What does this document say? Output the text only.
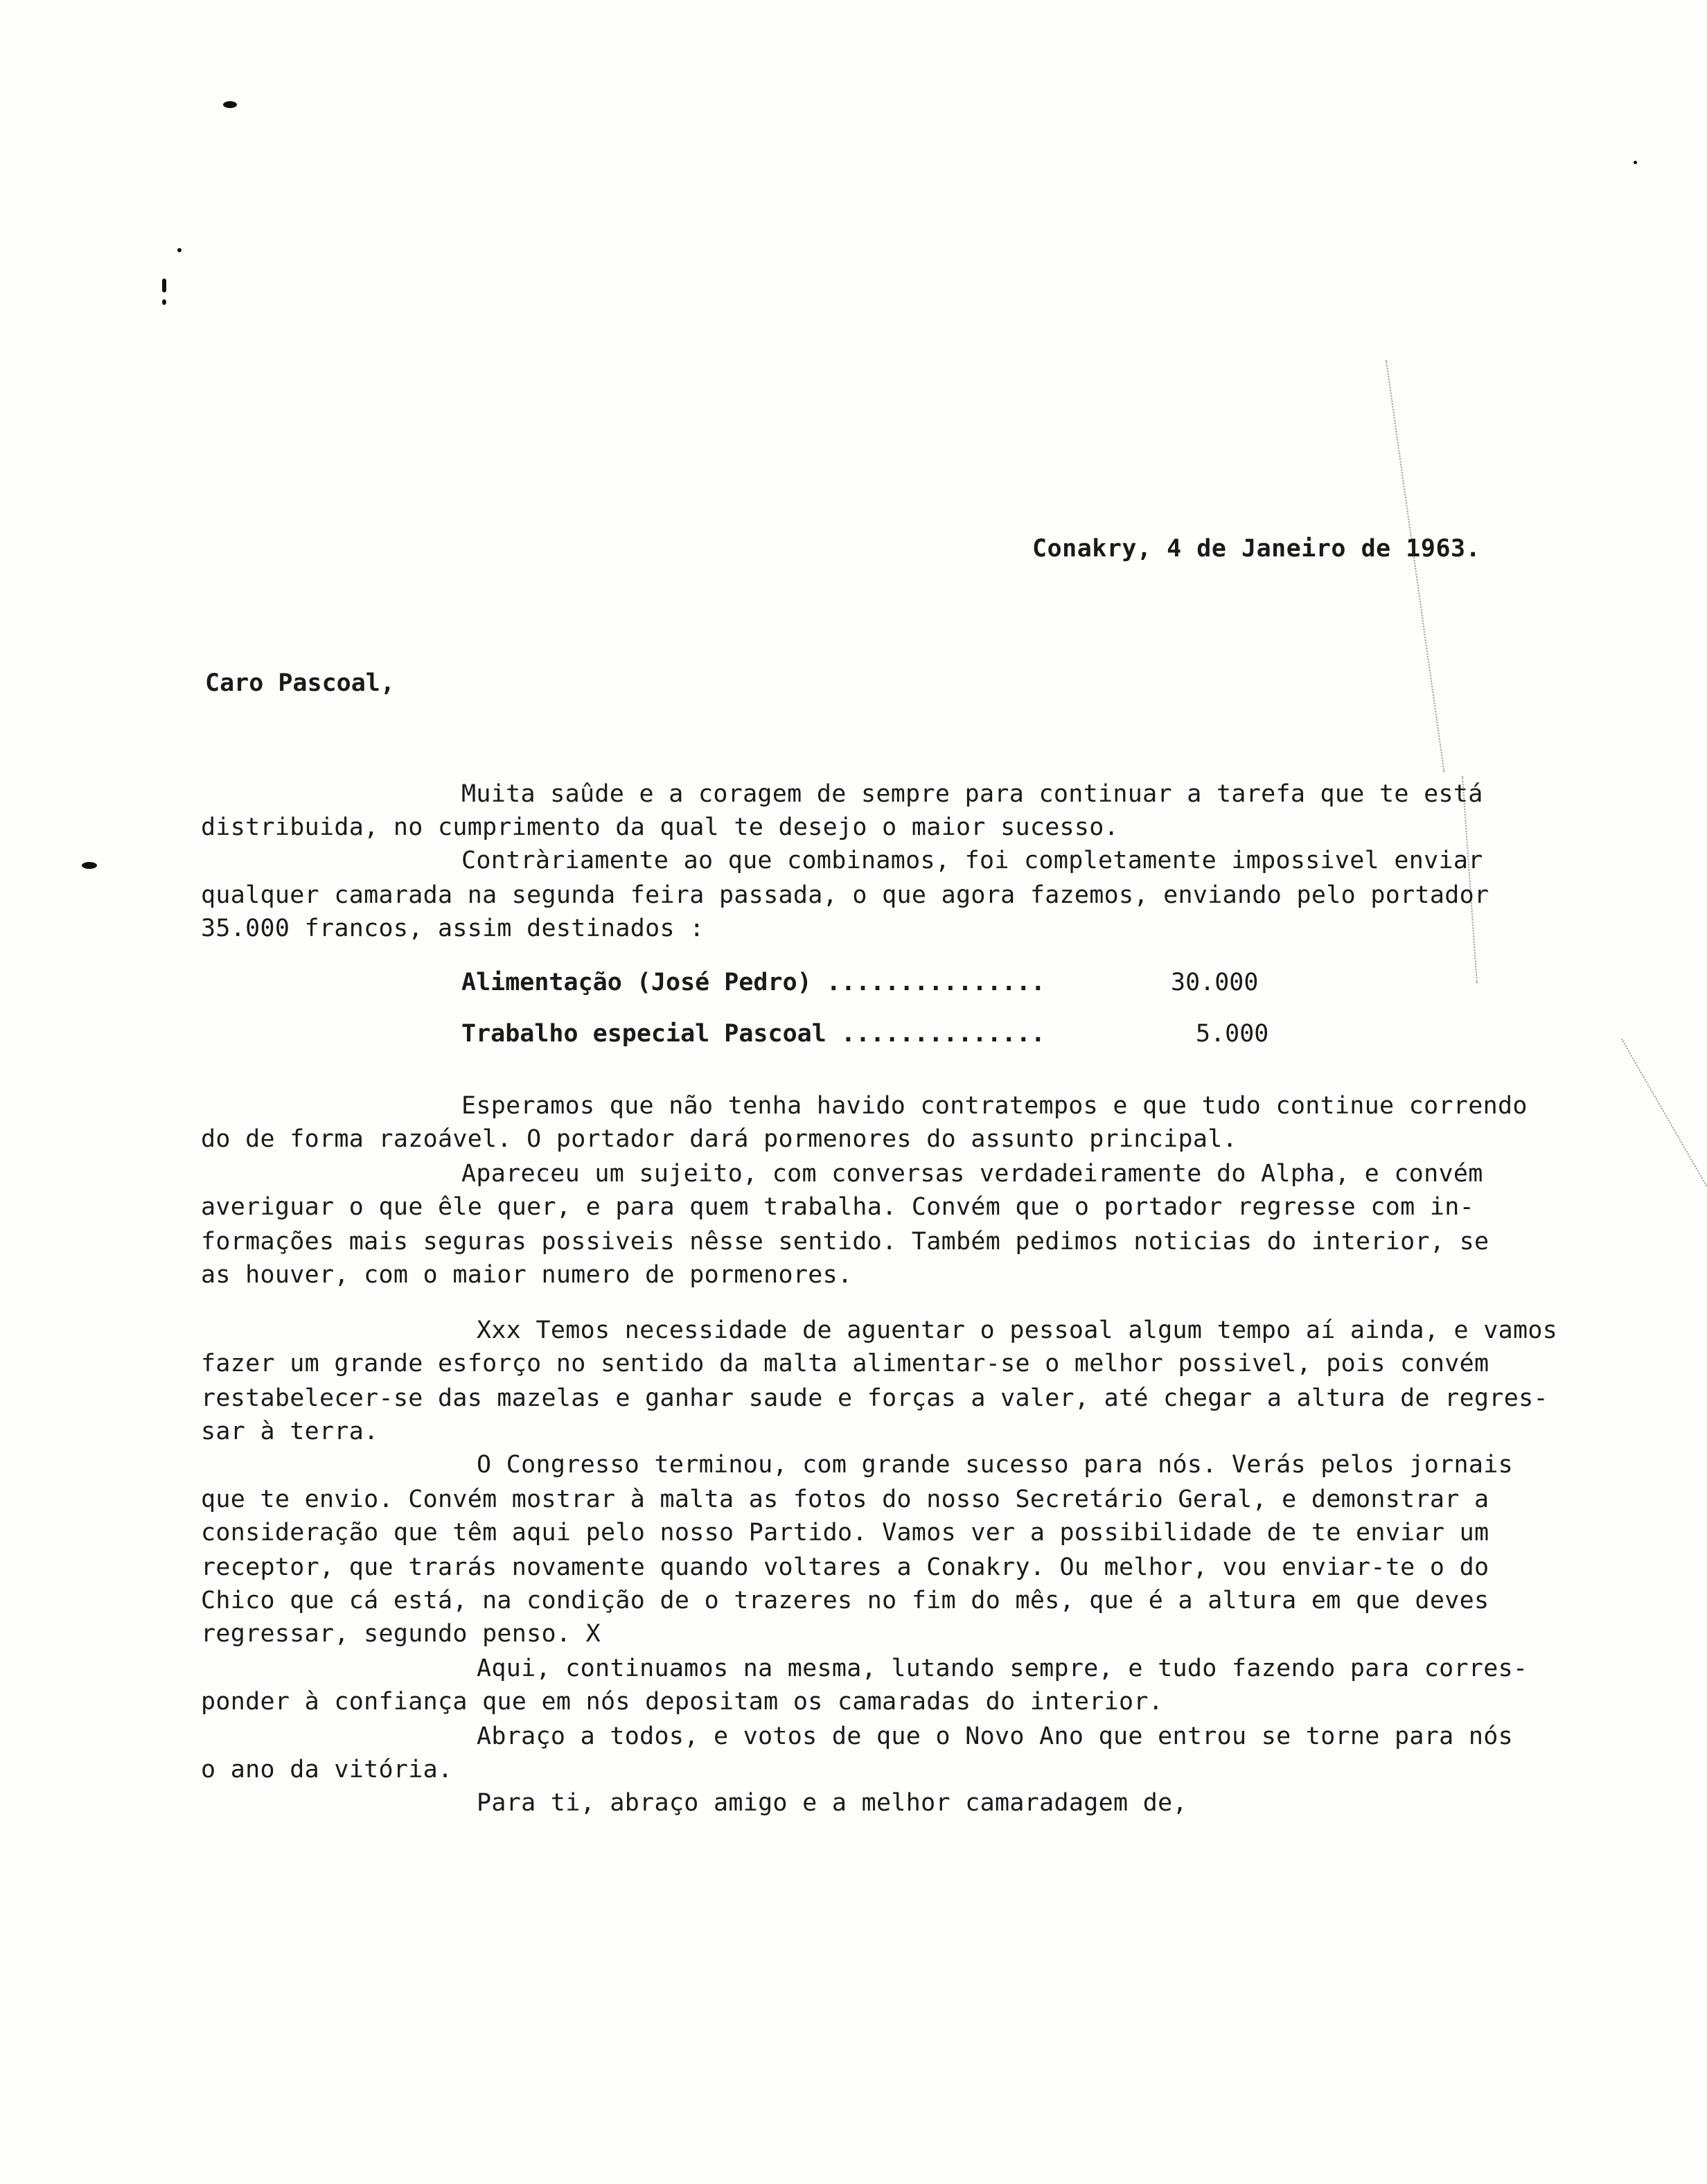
Conakry, 4 de Janeiro de 1963.
Caro Pascoal,
Muita saûde e a coragem de sempre para continuar a tarefa que te está
distribuida, no cumprimento da qual te desejo o maior sucesso.
Contràriamente ao que combinamos, foi completamente impossivel enviar
qualquer camarada na segunda feira passada, o que agora fazemos, enviando pelo portador
35.000 francos, assim destinados :
Alimentação (José Pedro) ...............	30.000
Trabalho especial Pascoal ..............	5.000
Esperamos que não tenha havido contratempos e que tudo continue correndo
do de forma razoável. O portador dará pormenores do assunto principal.
Apareceu um sujeito, com conversas verdadeiramente do Alpha, e convém
averiguar o que êle quer, e para quem trabalha. Convém que o portador regresse com in-
formações mais seguras possiveis nêsse sentido. Também pedimos noticias do interior, se
as houver, com o maior numero de pormenores.
Xxx Temos necessidade de aguentar o pessoal algum tempo aí ainda, e vamos
fazer um grande esforço no sentido da malta alimentar-se o melhor possivel, pois convém
restabelecer-se das mazelas e ganhar saude e forças a valer, até chegar a altura de regres-
sar à terra.
O Congresso terminou, com grande sucesso para nós. Verás pelos jornais
que te envio. Convém mostrar à malta as fotos do nosso Secretário Geral, e demonstrar a
consideração que têm aqui pelo nosso Partido. Vamos ver a possibilidade de te enviar um
receptor, que trarás novamente quando voltares a Conakry. Ou melhor, vou enviar-te o do
Chico que cá está, na condição de o trazeres no fim do mês, que é a altura em que deves
regressar, segundo penso. X
Aqui, continuamos na mesma, lutando sempre, e tudo fazendo para corres-
ponder à confiança que em nós depositam os camaradas do interior.
Abraço a todos, e votos de que o Novo Ano que entrou se torne para nós
o ano da vitória.
Para ti, abraço amigo e a melhor camaradagem de,
